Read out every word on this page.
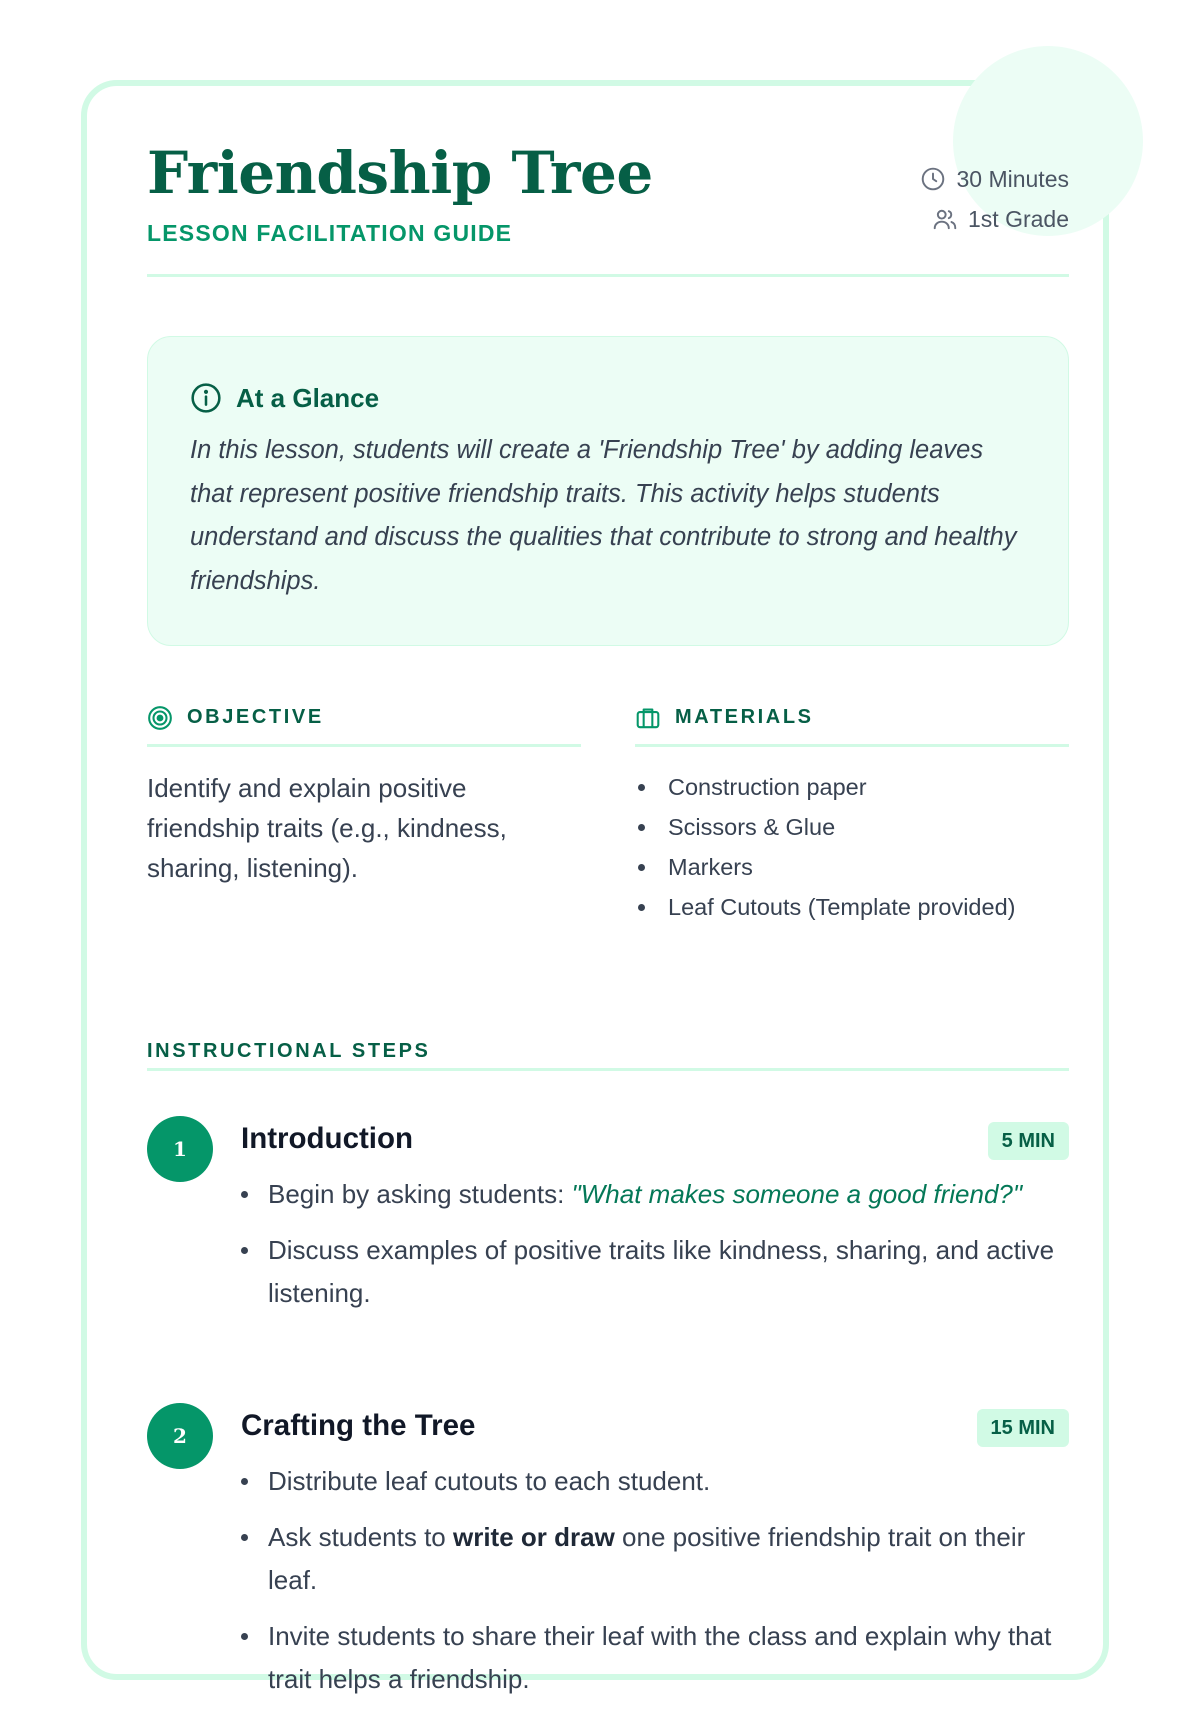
Friendship Tree
LESSON FACILITATION GUIDE
30 Minutes
1st Grade
At a Glance
In this lesson, students will create a 'Friendship Tree' by adding leaves that represent positive friendship traits. This activity helps students understand and discuss the qualities that contribute to strong and healthy friendships.
OBJECTIVE
Identify and explain positive friendship traits (e.g., kindness, sharing, listening).
MATERIALS
Construction paper
Scissors & Glue
Markers
Leaf Cutouts (Template provided)
INSTRUCTIONAL STEPS
1	Introduction	5 MIN
Begin by asking students: "What makes someone a good friend?"
Discuss examples of positive traits like kindness, sharing, and active listening.
2	Crafting the Tree	15 MIN
Distribute leaf cutouts to each student.
Ask students to write or draw one positive friendship trait on their leaf.
Invite students to share their leaf with the class and explain why that trait helps a friendship.
